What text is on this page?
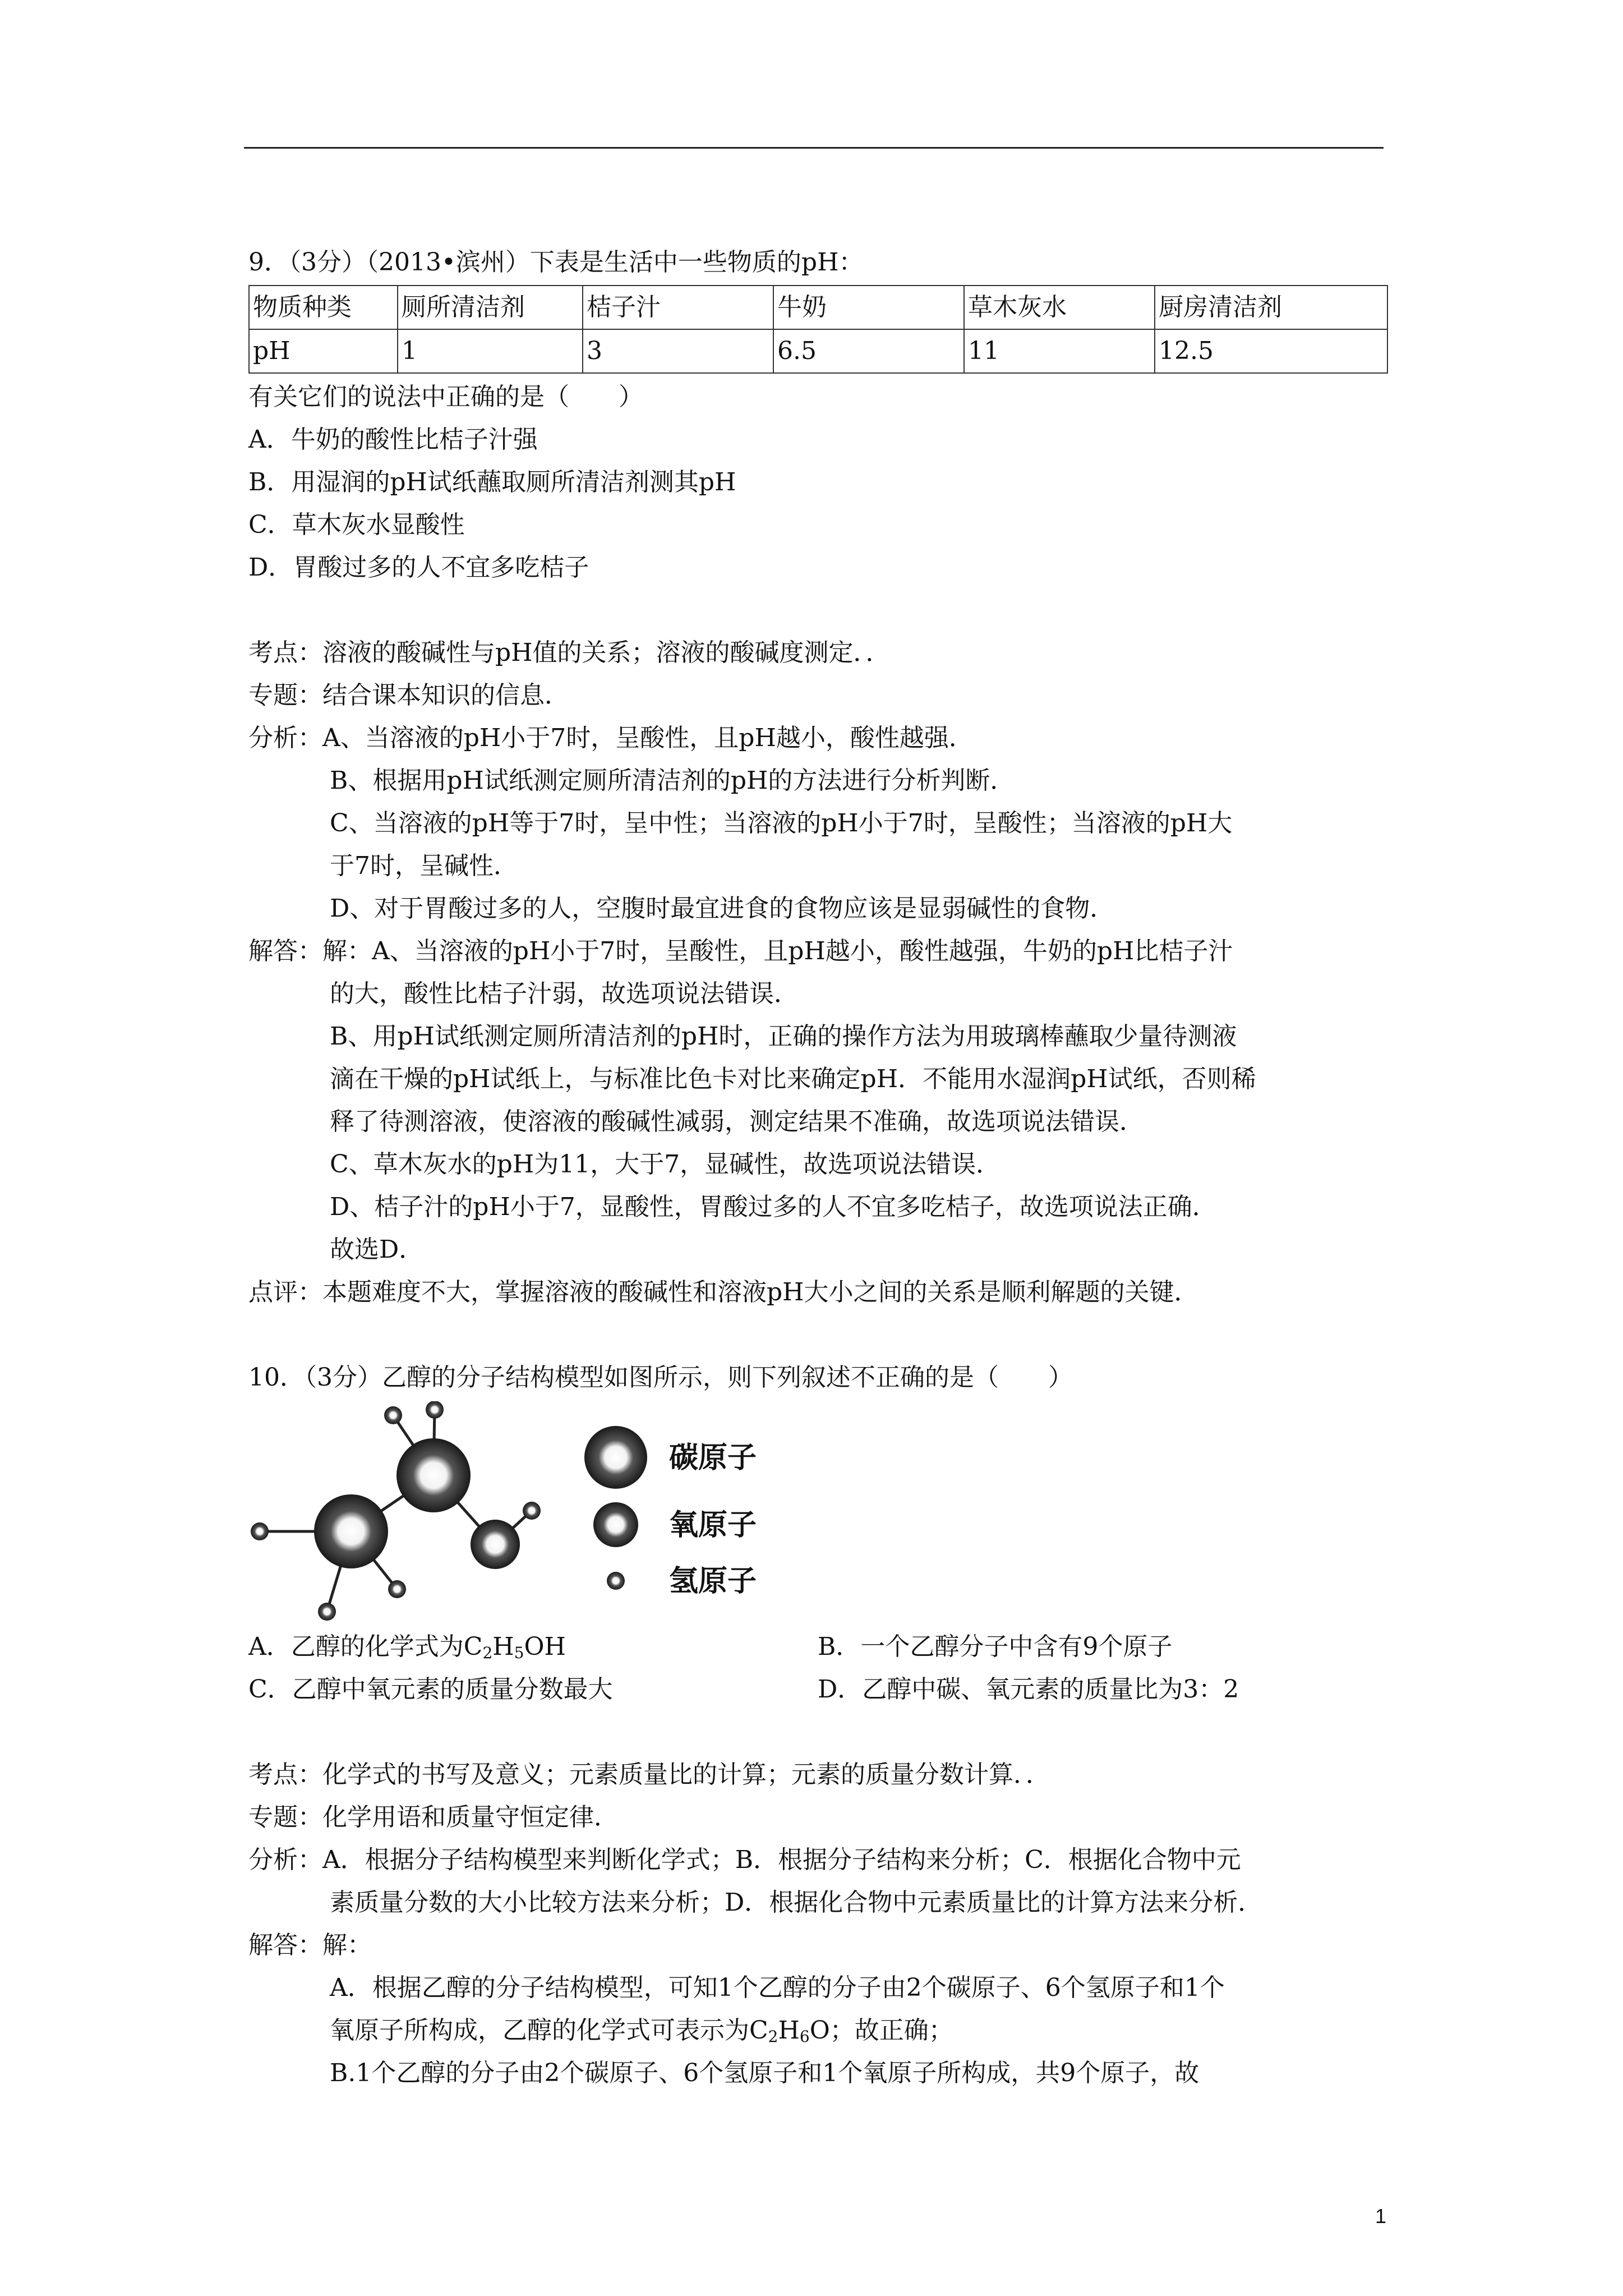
9．（3分）（2013•滨州）下表是生活中一些物质的pH：
物质种类	厕所清洁剂	桔子汁	牛奶	草木灰水	厨房清洁剂
pH	1	3	6.5	11	12.5
有关它们的说法中正确的是（　　）
A．牛奶的酸性比桔子汁强
B．用湿润的pH试纸蘸取厕所清洁剂测其pH
C．草木灰水显酸性
D．胃酸过多的人不宜多吃桔子
考点：溶液的酸碱性与pH值的关系；溶液的酸碱度测定．．
专题：结合课本知识的信息．
分析：A、当溶液的pH小于7时，呈酸性，且pH越小，酸性越强．
B、根据用pH试纸测定厕所清洁剂的pH的方法进行分析判断．
C、当溶液的pH等于7时，呈中性；当溶液的pH小于7时，呈酸性；当溶液的pH大
于7时，呈碱性．
D、对于胃酸过多的人，空腹时最宜进食的食物应该是显弱碱性的食物．
解答：解：A、当溶液的pH小于7时，呈酸性，且pH越小，酸性越强，牛奶的pH比桔子汁
的大，酸性比桔子汁弱，故选项说法错误．
B、用pH试纸测定厕所清洁剂的pH时，正确的操作方法为用玻璃棒蘸取少量待测液
滴在干燥的pH试纸上，与标准比色卡对比来确定pH．不能用水湿润pH试纸，否则稀
释了待测溶液，使溶液的酸碱性减弱，测定结果不准确，故选项说法错误．
C、草木灰水的pH为11，大于7，显碱性，故选项说法错误．
D、桔子汁的pH小于7，显酸性，胃酸过多的人不宜多吃桔子，故选项说法正确．
故选D．
点评：本题难度不大，掌握溶液的酸碱性和溶液pH大小之间的关系是顺利解题的关键．
10．（3分）乙醇的分子结构模型如图所示，则下列叙述不正确的是（　　）
碳原子
氧原子
氢原子
A．乙醇的化学式为$C_2H_5OH$	B．一个乙醇分子中含有9个原子
C．乙醇中氧元素的质量分数最大	D．乙醇中碳、氧元素的质量比为3：2
考点：化学式的书写及意义；元素质量比的计算；元素的质量分数计算．．
专题：化学用语和质量守恒定律．
分析：A．根据分子结构模型来判断化学式；B．根据分子结构来分析；C．根据化合物中元
素质量分数的大小比较方法来分析；D．根据化合物中元素质量比的计算方法来分析．
解答：解：
A．根据乙醇的分子结构模型，可知1个乙醇的分子由2个碳原子、6个氢原子和1个
氧原子所构成，乙醇的化学式可表示为$C_2H_6O$；故正确；
B.1个乙醇的分子由2个碳原子、6个氢原子和1个氧原子所构成，共9个原子，故
1
